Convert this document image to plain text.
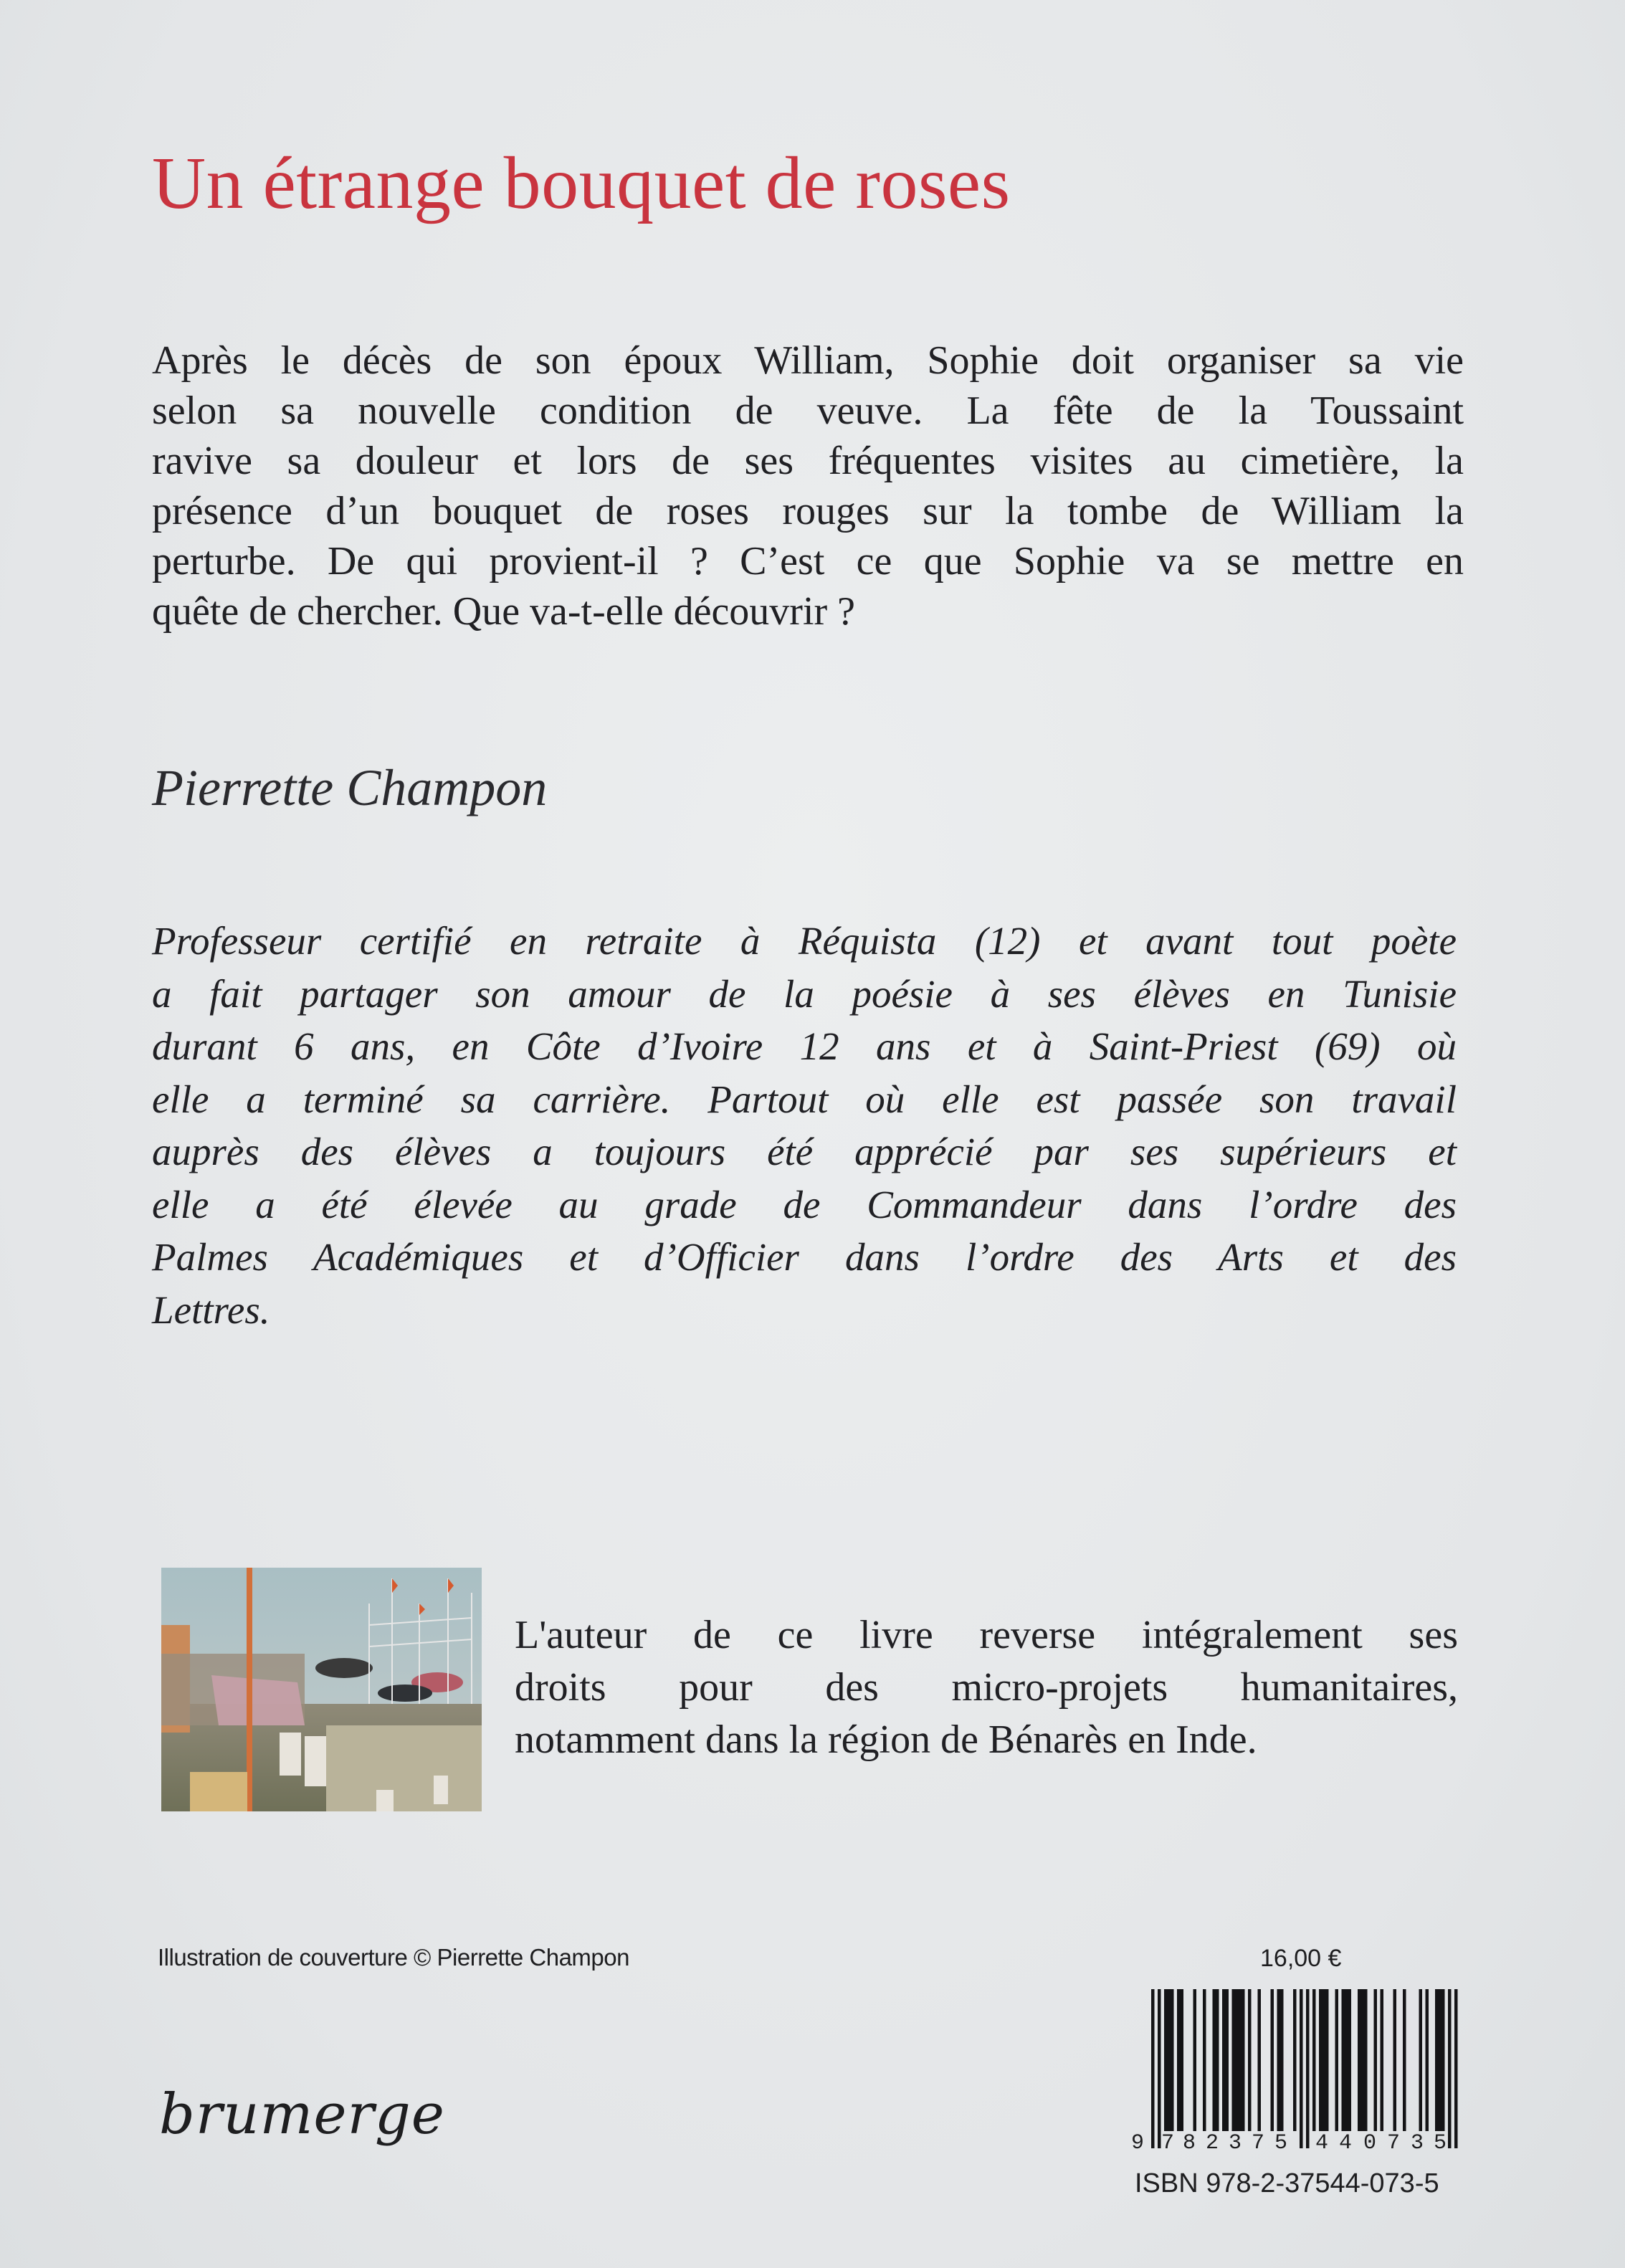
Un étrange bouquet de roses
Après le décès de son époux William, Sophie doit organiser sa vie
selon sa nouvelle condition de veuve. La fête de la Toussaint
ravive sa douleur et lors de ses fréquentes visites au cimetière, la
présence d’un bouquet de roses rouges sur la tombe de William la
perturbe. De qui provient-il ? C’est ce que Sophie va se mettre en
quête de chercher. Que va-t-elle découvrir ?
Pierrette Champon
Professeur certifié en retraite à Réquista (12) et avant tout poète
a fait partager son amour de la poésie à ses élèves en Tunisie
durant 6 ans, en Côte d’Ivoire 12 ans et à Saint-Priest (69) où
elle a terminé sa carrière. Partout où elle est passée son travail
auprès des élèves a toujours été apprécié par ses supérieurs et
elle a été élevée au grade de Commandeur dans l’ordre des
Palmes Académiques et d’Officier dans l’ordre des Arts et des
Lettres.
L'auteur de ce livre reverse intégralement ses
droits pour des micro-projets humanitaires,
notamment dans la région de Bénarès en Inde.
Illustration de couverture © Pierrette Champon
brumerge
16,00 €
9 7 8 2 3 7 5 4 4 0 7 3 5
ISBN 978-2-37544-073-5
